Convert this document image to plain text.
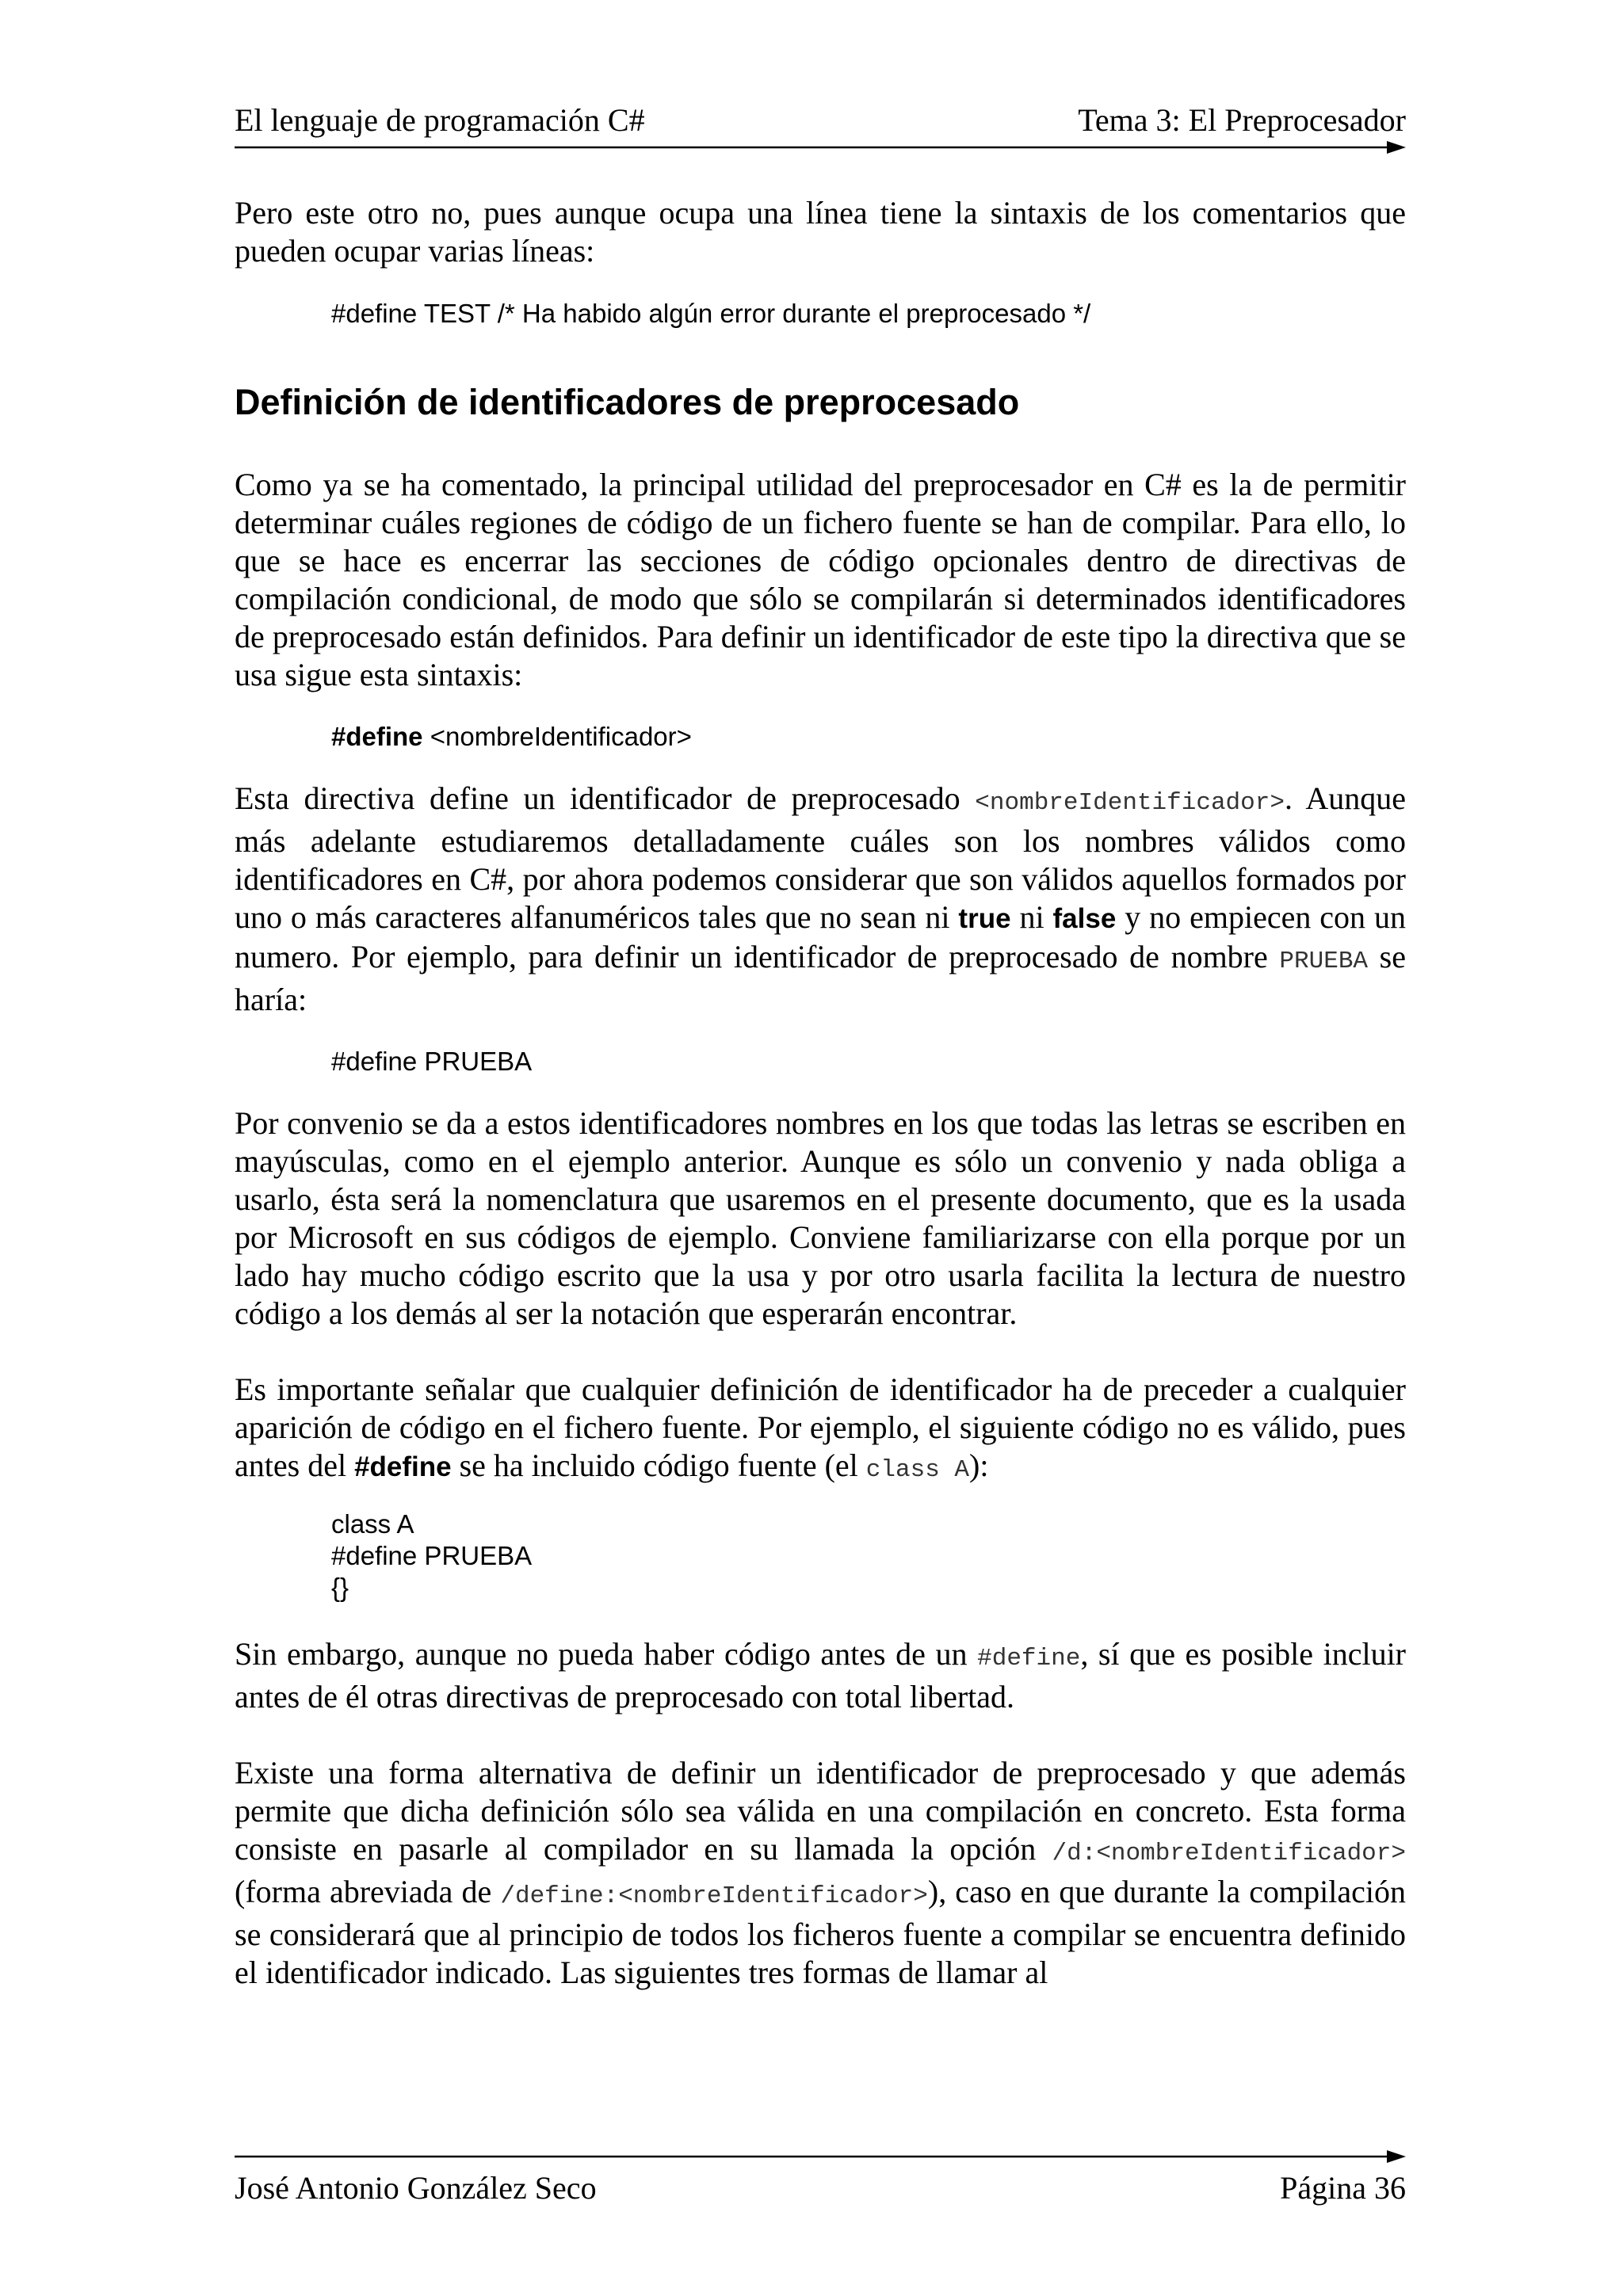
El lenguaje de programación C#	Tema 3: El Preprocesador

Pero este otro no, pues aunque ocupa una línea tiene la sintaxis de los comentarios que pueden ocupar varias líneas:

#define TEST /* Ha habido algún error durante el preprocesado */
Definición de identificadores de preprocesado

Como ya se ha comentado, la principal utilidad del preprocesador en C# es la de permitir determinar cuáles regiones de código de un fichero fuente se han de compilar. Para ello, lo que se hace es encerrar las secciones de código opcionales dentro de directivas de compilación condicional, de modo que sólo se compilarán si determinados identificadores de preprocesado están definidos. Para definir un identificador de este tipo la directiva que se usa sigue esta sintaxis:

#define <nombreIdentificador>

Esta directiva define un identificador de preprocesado <nombreIdentificador>. Aunque más adelante estudiaremos detalladamente cuáles son los nombres válidos como identificadores en C#, por ahora podemos considerar que son válidos aquellos formados por uno o más caracteres alfanuméricos tales que no sean ni true ni false y no empiecen con un numero. Por ejemplo, para definir un identificador de preprocesado de nombre PRUEBA se haría:

#define PRUEBA

Por convenio se da a estos identificadores nombres en los que todas las letras se escriben en mayúsculas, como en el ejemplo anterior. Aunque es sólo un convenio y nada obliga a usarlo, ésta será la nomenclatura que usaremos en el presente documento, que es la usada por Microsoft en sus códigos de ejemplo. Conviene familiarizarse con ella porque por un lado hay mucho código escrito que la usa y por otro usarla facilita la lectura de nuestro código a los demás al ser la notación que esperarán encontrar.

Es importante señalar que cualquier definición de identificador ha de preceder a cualquier aparición de código en el fichero fuente. Por ejemplo, el siguiente código no es válido, pues antes del #define se ha incluido código fuente (el class A):

class A
#define PRUEBA
{}

Sin embargo, aunque no pueda haber código antes de un #define, sí que es posible incluir antes de él otras directivas de preprocesado con total libertad.

Existe una forma alternativa de definir un identificador de preprocesado y que además permite que dicha definición sólo sea válida en una compilación en concreto. Esta forma consiste en pasarle al compilador en su llamada la opción /d:<nombreIdentificador> (forma abreviada de /define:<nombreIdentificador>), caso en que durante la compilación se considerará que al principio de todos los ficheros fuente a compilar se encuentra definido el identificador indicado. Las siguientes tres formas de llamar al

José Antonio González Seco	Página 36
